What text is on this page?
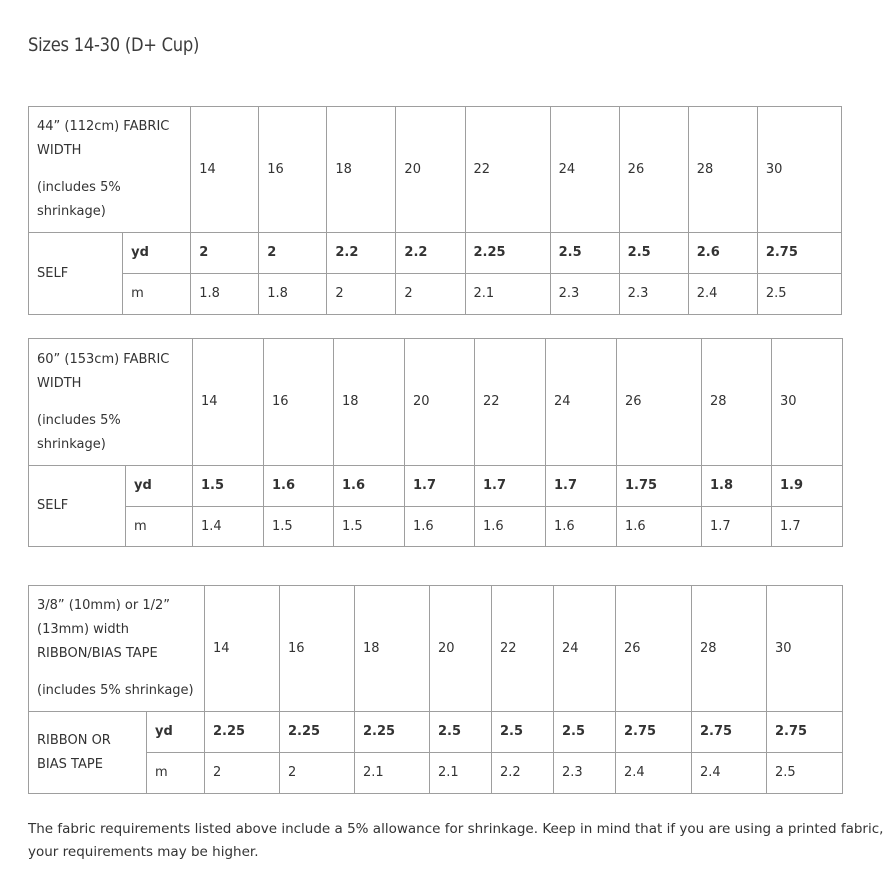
Sizes 14-30 (D+ Cup)
44” (112cm) FABRIC WIDTH
(includes 5% shrinkage)		14	16	18	20	22	24	26	28	30
SELF	yd	2	2	2.2	2.2	2.25	2.5	2.5	2.6	2.75
	m	1.8	1.8	2	2	2.1	2.3	2.3	2.4	2.5
60” (153cm) FABRIC WIDTH
(includes 5% shrinkage)		14	16	18	20	22	24	26	28	30
SELF	yd	1.5	1.6	1.6	1.7	1.7	1.7	1.75	1.8	1.9
	m	1.4	1.5	1.5	1.6	1.6	1.6	1.6	1.7	1.7
3/8” (10mm) or 1/2” (13mm) width RIBBON/BIAS TAPE
(includes 5% shrinkage)		14	16	18	20	22	24	26	28	30
RIBBON OR BIAS TAPE	yd	2.25	2.25	2.25	2.5	2.5	2.5	2.75	2.75	2.75
	m	2	2	2.1	2.1	2.2	2.3	2.4	2.4	2.5

The fabric requirements listed above include a 5% allowance for shrinkage. Keep in mind that if you are using a printed fabric, your requirements may be higher.
